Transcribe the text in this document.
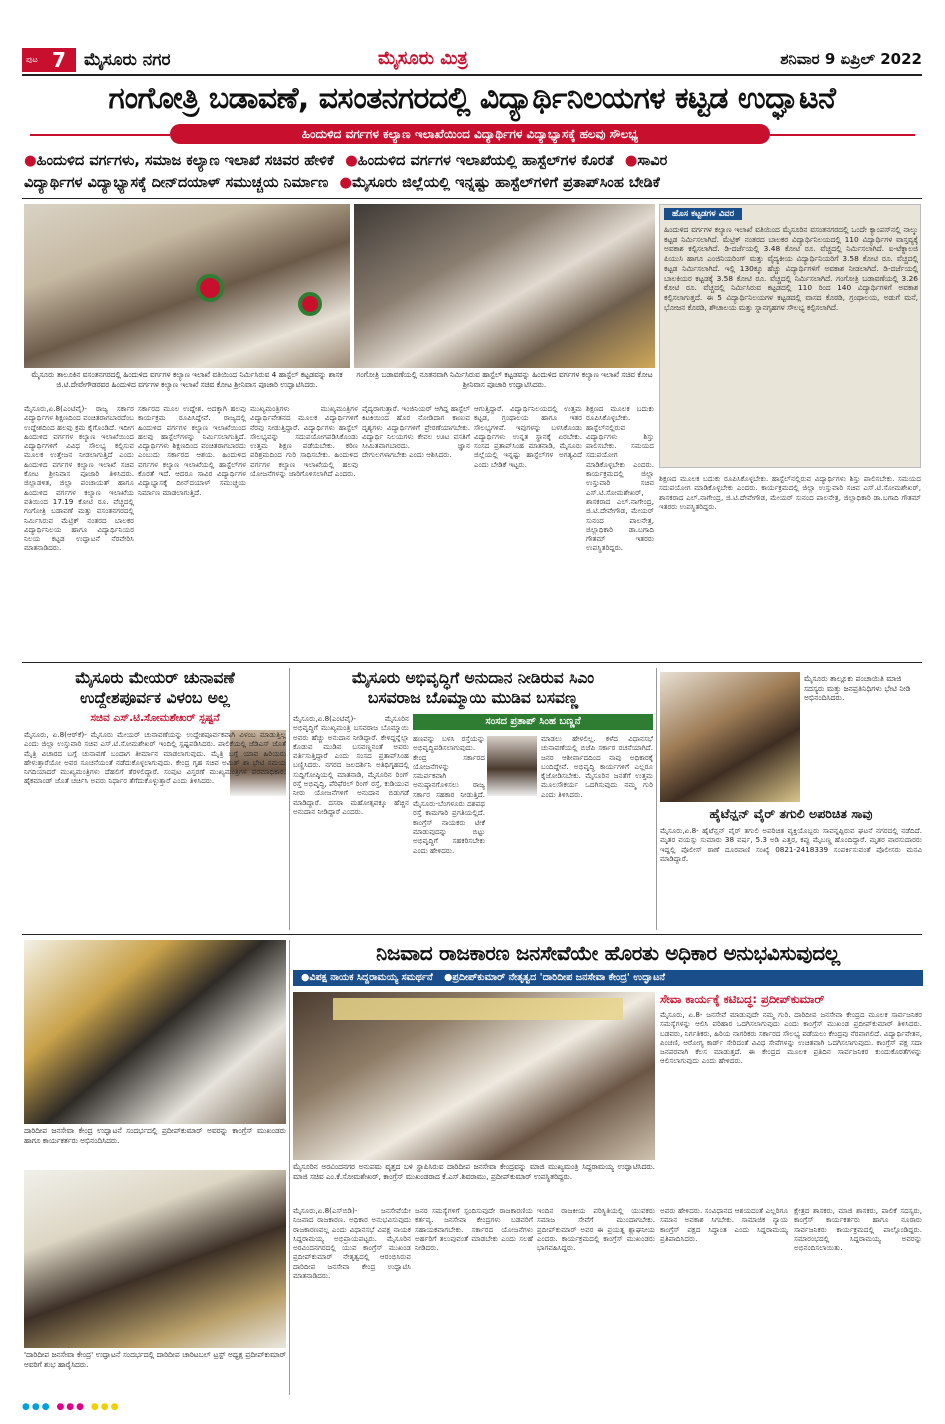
ಪುಟ 7 ಮೈಸೂರು ನಗರ	ಮೈಸೂರು ಮಿತ್ರ	ಶನಿವಾರ 9 ಏಪ್ರಿಲ್ 2022
ಗಂಗೋತ್ರಿ ಬಡಾವಣೆ, ವಸಂತನಗರದಲ್ಲಿ ವಿದ್ಯಾರ್ಥಿನಿಲಯಗಳ ಕಟ್ಟಡ ಉದ್ಘಾಟನೆ
ಹಿಂದುಳಿದ ವರ್ಗಗಳ ಕಲ್ಯಾಣ ಇಲಾಖೆಯಿಂದ ವಿದ್ಯಾರ್ಥಿಗಳ ವಿದ್ಯಾಭ್ಯಾಸಕ್ಕೆ ಹಲವು ಸೌಲಭ್ಯ
●ಹಿಂದುಳಿದ ವರ್ಗಗಳು, ಸಮಾಜ ಕಲ್ಯಾಣ ಇಲಾಖೆ ಸಚಿವರ ಹೇಳಿಕೆ ●ಹಿಂದುಳಿದ ವರ್ಗಗಳ ಇಲಾಖೆಯಲ್ಲಿ ಹಾಸ್ಟೆಲ್‌ಗಳ ಕೊರತೆ ●ಸಾವಿರ
ವಿದ್ಯಾರ್ಥಿಗಳ ವಿದ್ಯಾಭ್ಯಾಸಕ್ಕೆ ದೀನ್‌ದಯಾಳ್ ಸಮುಚ್ಚಯ ನಿರ್ಮಾಣ ●ಮೈಸೂರು ಜಿಲ್ಲೆಯಲ್ಲಿ ಇನ್ನಷ್ಟು ಹಾಸ್ಟೆಲ್‌ಗಳಿಗೆ ಪ್ರತಾಪ್‌ಸಿಂಹ ಬೇಡಿಕೆ
ಮೈಸೂರು ತಾಲೂಕಿನ ವಸಂತನಗರದಲ್ಲಿ ಹಿಂದುಳಿದ ವರ್ಗಗಳ ಕಲ್ಯಾಣ ಇಲಾಖೆ ವತಿಯಿಂದ ನಿರ್ಮಿಸಿರುವ 4 ಹಾಸ್ಟೆಲ್ ಕಟ್ಟಡವನ್ನು ಶಾಸಕ ಜಿ.ಟಿ.ದೇವೇಗೌಡರವರ ಹಿಂದುಳಿದ ವರ್ಗಗಳ ಕಲ್ಯಾಣ ಇಲಾಖೆ ಸಚಿವ ಕೋಟ ಶ್ರೀನಿವಾಸ ಪೂಜಾರಿ ಉದ್ಘಾಟಿಸಿದರು.
ಗಂಗೋತ್ರಿ ಬಡಾವಣೆಯಲ್ಲಿ ನೂತನವಾಗಿ ನಿರ್ಮಿಸಿರುವ ಹಾಸ್ಟೆಲ್ ಕಟ್ಟಡವನ್ನು ಹಿಂದುಳಿದ ವರ್ಗಗಳ ಕಲ್ಯಾಣ ಇಲಾಖೆ ಸಚಿವ ಕೋಟ ಶ್ರೀನಿವಾಸ ಪೂಜಾರಿ ಉದ್ಘಾಟಿಸಿದರು.
ಹೊಸ ಕಟ್ಟಡಗಳ ವಿವರ
ಹಿಂದುಳಿದ ವರ್ಗಗಳ ಕಲ್ಯಾಣ ಇಲಾಖೆ ವತಿಯಿಂದ ಮೈಸೂರಿನ ವಸಂತನಗರದಲ್ಲಿ ಒಂದೇ ಕ್ಯಾಂಪಸ್‌ನಲ್ಲಿ ನಾಲ್ಕು ಕಟ್ಟಡ ನಿರ್ಮಿಸಲಾಗಿದೆ. ಮೆಟ್ರಿಕ್ ನಂತರದ ಬಾಲಕರ ವಿದ್ಯಾರ್ಥಿನಿಲಯದಲ್ಲಿ 110 ವಿದ್ಯಾರ್ಥಿಗಳ ವಾಸ್ತವ್ಯಕ್ಕೆ ಅವಕಾಶ ಕಲ್ಪಿಸಲಾಗಿದೆ. ಡಿ-ದರ್ಜೆಯಲ್ಲಿ 3.48 ಕೋಟಿ ರೂ. ವೆಚ್ಚದಲ್ಲಿ ನಿರ್ಮಿಸಲಾಗಿದೆ. ಐ-ಟೆಕ್ನಾಲಜಿ ಪಿಯುಸಿ ಹಾಗೂ ಎಂಜಿನಿಯರಿಂಗ್ ಮತ್ತು ವೈದ್ಯಕೀಯ ವಿದ್ಯಾರ್ಥಿನಿಯರಿಗೆ 3.58 ಕೋಟಿ ರೂ. ವೆಚ್ಚದಲ್ಲಿ ಕಟ್ಟಡ ನಿರ್ಮಿಸಲಾಗಿದೆ. ಇಲ್ಲಿ 130ಕ್ಕೂ ಹೆಚ್ಚು ವಿದ್ಯಾರ್ಥಿಗಳಿಗೆ ಅವಕಾಶ ನೀಡಲಾಗಿದೆ. ಡಿ-ದರ್ಜೆಯಲ್ಲಿ ಬಾಲಕಿಯರ ಕಟ್ಟಡಕ್ಕೆ 3.58 ಕೋಟಿ ರೂ. ವೆಚ್ಚದಲ್ಲಿ ನಿರ್ಮಿಸಲಾಗಿದೆ. ಗಂಗೋತ್ರಿ ಬಡಾವಣೆಯಲ್ಲಿ 3.26 ಕೋಟಿ ರೂ. ವೆಚ್ಚದಲ್ಲಿ ನಿರ್ಮಿಸಿರುವ ಕಟ್ಟಡದಲ್ಲಿ 110 ರಿಂದ 140 ವಿದ್ಯಾರ್ಥಿಗಳಿಗೆ ಅವಕಾಶ ಕಲ್ಪಿಸಲಾಗುತ್ತದೆ. ಈ 5 ವಿದ್ಯಾರ್ಥಿನಿಲಯಗಳ ಕಟ್ಟಡದಲ್ಲಿ ವಾಸದ ಕೊಠಡಿ, ಗ್ರಂಥಾಲಯ, ಅಡುಗೆ ಮನೆ, ಭೋಜನ ಕೊಠಡಿ, ಶೌಚಾಲಯ ಮತ್ತು ಸ್ನಾನಗೃಹಗಳ ಸೌಲಭ್ಯ ಕಲ್ಪಿಸಲಾಗಿದೆ.
ಮೈಸೂರು,ಏ.8(ಎಂಟಿವೈ)- ರಾಜ್ಯ ಸರ್ಕಾರ ವಿದ್ಯಾರ್ಥಿಗಳ ಶಿಕ್ಷಣದಿಂದ ವಂಚಿತರಾಗಬಾರದೆಂಬ ಉದ್ದೇಶದಿಂದ ಹಲವು ಕ್ರಮ ಕೈಗೊಂಡಿದೆ. ಇದೀಗ ಹಿಂದುಳಿದ ವರ್ಗಗಳ ಕಲ್ಯಾಣ ಇಲಾಖೆಯಿಂದ ವಿದ್ಯಾರ್ಥಿಗಳಿಗೆ ವಿವಿಧ ಸೌಲಭ್ಯ ಕಲ್ಪಿಸುವ ಮೂಲಕ ಉತ್ತೇಜನ ನೀಡಲಾಗುತ್ತಿದೆ ಎಂದು ಹಿಂದುಳಿದ ವರ್ಗಗಳ ಕಲ್ಯಾಣ ಇಲಾಖೆ ಸಚಿವ ಕೋಟ ಶ್ರೀನಿವಾಸ ಪೂಜಾರಿ ತಿಳಿಸಿದರು. ಜಿಲ್ಲಾಡಳಿತ, ಜಿಲ್ಲಾ ಪಂಚಾಯತ್ ಹಾಗೂ ಹಿಂದುಳಿದ ವರ್ಗಗಳ ಕಲ್ಯಾಣ ಇಲಾಖೆಯ ವತಿಯಿಂದ 17.19 ಕೋಟಿ ರೂ. ವೆಚ್ಚದಲ್ಲಿ ಗಂಗೋತ್ರಿ ಬಡಾವಣೆ ಮತ್ತು ವಸಂತನಗರದಲ್ಲಿ ನಿರ್ಮಿಸಿರುವ ಮೆಟ್ರಿಕ್ ನಂತರದ ಬಾಲಕರ ವಿದ್ಯಾರ್ಥಿನಿಲಯ ಹಾಗೂ ವಿದ್ಯಾರ್ಥಿನಿಯರ ನಿಲಯ ಕಟ್ಟಡ ಉದ್ಘಾಟನೆ ನೆರವೇರಿಸಿ ಮಾತನಾಡಿದರು.
ಸರ್ಕಾರದ ಮೂಲ ಉದ್ದೇಶ. ಅದಕ್ಕಾಗಿ ಹಲವು ಕಾರ್ಯಕ್ರಮ ರೂಪಿಸಿದ್ದೇವೆ. ರಾಜ್ಯದಲ್ಲಿ ಹಿಂದುಳಿದ ವರ್ಗಗಳ ಕಲ್ಯಾಣ ಇಲಾಖೆಯಿಂದ ಹಲವು ಹಾಸ್ಟೆಲ್‌ಗಳನ್ನು ನಿರ್ಮಿಸಲಾಗುತ್ತಿದೆ. ವಿದ್ಯಾರ್ಥಿಗಳು ಶಿಕ್ಷಣದಿಂದ ವಂಚಿತರಾಗಬಾರದು ಎಂಬುದು ಸರ್ಕಾರದ ಆಶಯ. ಹಿಂದುಳಿದ ವರ್ಗಗಳ ಕಲ್ಯಾಣ ಇಲಾಖೆಯಲ್ಲಿ ಹಾಸ್ಟೆಲ್‌ಗಳ ಕೊರತೆ ಇದೆ. ಆದರೂ ಸಾವಿರ ವಿದ್ಯಾರ್ಥಿಗಳ ವಿದ್ಯಾಭ್ಯಾಸಕ್ಕೆ ದೀನ್‌ದಯಾಳ್ ಸಮುಚ್ಚಯ ನಿರ್ಮಾಣ ಮಾಡಲಾಗುತ್ತಿದೆ.
ಮುಖ್ಯಮಂತ್ರಿಗಳು ಮುಖ್ಯಮಂತ್ರಿಗಳ ವಿದ್ಯಾರ್ಥಿವೇತನದ ಮೂಲಕ ವಿದ್ಯಾರ್ಥಿಗಳಿಗೆ ನೆರವು ನೀಡುತ್ತಿದ್ದಾರೆ. ವಿದ್ಯಾರ್ಥಿಗಳು ಹಾಸ್ಟೆಲ್ ಸೌಲಭ್ಯವನ್ನು ಸದುಪಯೋಗಪಡಿಸಿಕೊಂಡು ಉತ್ತಮ ಶಿಕ್ಷಣ ಪಡೆಯಬೇಕು. ಕಠಿಣ ಪರಿಶ್ರಮದಿಂದ ಗುರಿ ಸಾಧಿಸಬೇಕು. ಹಿಂದುಳಿದ ವರ್ಗಗಳ ಕಲ್ಯಾಣ ಇಲಾಖೆಯಲ್ಲಿ ಹಲವು ಯೋಜನೆಗಳನ್ನು ಜಾರಿಗೊಳಿಸಲಾಗಿದೆ ಎಂದರು.
ವೈದ್ಯರಾಗುತ್ತಾರೆ. ಇಂಜಿನಿಯರ್ ಆಗಿದ್ದ ಹಾಸ್ಟೆಲ್ ಕಿಟಕಿಯಿಂದ ಹೊರ ನೋಡಿದಾಗ ಕಾಣುವ ದೃಶ್ಯಗಳು ವಿದ್ಯಾರ್ಥಿಗಳಿಗೆ ಪ್ರೇರಣೆಯಾಗಬೇಕು. ವಿದ್ಯಾರ್ಥಿ ನಿಲಯಗಳು ಕೇವಲ ಊಟ ವಸತಿಗೆ ಸೀಮಿತವಾಗಬಾರದು. ಜ್ಞಾನ ದೇಗುಲಗಳಾಗಬೇಕು ಎಂದು ಆಶಿಸಿದರು.
ಆಗುತ್ತಿದ್ದಾರೆ. ವಿದ್ಯಾರ್ಥಿನಿಲಯದಲ್ಲಿ ಉತ್ತಮ ಕಟ್ಟಡ, ಗ್ರಂಥಾಲಯ ಹಾಗೂ ಇತರ ಸೌಲಭ್ಯಗಳಿವೆ. ಇವುಗಳನ್ನು ಬಳಸಿಕೊಂಡು ವಿದ್ಯಾರ್ಥಿಗಳು ಉನ್ನತ ಸ್ಥಾನಕ್ಕೆ ಏರಬೇಕು. ಸಂಸದ ಪ್ರತಾಪ್‌ಸಿಂಹ ಮಾತನಾಡಿ, ಮೈಸೂರು ಜಿಲ್ಲೆಯಲ್ಲಿ ಇನ್ನಷ್ಟು ಹಾಸ್ಟೆಲ್‌ಗಳ ಅಗತ್ಯವಿದೆ ಎಂದು ಬೇಡಿಕೆ ಇಟ್ಟರು.
ಶಿಕ್ಷಣದ ಮೂಲಕ ಬದುಕು ರೂಪಿಸಿಕೊಳ್ಳಬೇಕು. ಹಾಸ್ಟೆಲ್‌ನಲ್ಲಿರುವ ವಿದ್ಯಾರ್ಥಿಗಳು ಶಿಸ್ತು ಪಾಲಿಸಬೇಕು. ಸಮಯದ ಸದುಪಯೋಗ ಮಾಡಿಕೊಳ್ಳಬೇಕು ಎಂದರು. ಕಾರ್ಯಕ್ರಮದಲ್ಲಿ ಜಿಲ್ಲಾ ಉಸ್ತುವಾರಿ ಸಚಿವ ಎಸ್.ಟಿ.ಸೋಮಶೇಖರ್, ಶಾಸಕರಾದ ಎಲ್.ನಾಗೇಂದ್ರ, ಜಿ.ಟಿ.ದೇವೇಗೌಡ, ಮೇಯರ್ ಸುನಂದ ಪಾಲನೇತ್ರ, ಜಿಲ್ಲಾಧಿಕಾರಿ ಡಾ.ಬಗಾದಿ ಗೌತಮ್ ಇತರರು ಉಪಸ್ಥಿತರಿದ್ದರು.
ಶಿಕ್ಷಣದ ಮೂಲಕ ಬದುಕು ರೂಪಿಸಿಕೊಳ್ಳಬೇಕು. ಹಾಸ್ಟೆಲ್‌ನಲ್ಲಿರುವ ವಿದ್ಯಾರ್ಥಿಗಳು ಶಿಸ್ತು ಪಾಲಿಸಬೇಕು. ಸಮಯದ ಸದುಪಯೋಗ ಮಾಡಿಕೊಳ್ಳಬೇಕು ಎಂದರು. ಕಾರ್ಯಕ್ರಮದಲ್ಲಿ ಜಿಲ್ಲಾ ಉಸ್ತುವಾರಿ ಸಚಿವ ಎಸ್.ಟಿ.ಸೋಮಶೇಖರ್, ಶಾಸಕರಾದ ಎಲ್.ನಾಗೇಂದ್ರ, ಜಿ.ಟಿ.ದೇವೇಗೌಡ, ಮೇಯರ್ ಸುನಂದ ಪಾಲನೇತ್ರ, ಜಿಲ್ಲಾಧಿಕಾರಿ ಡಾ.ಬಗಾದಿ ಗೌತಮ್ ಇತರರು ಉಪಸ್ಥಿತರಿದ್ದರು.
ಮೈಸೂರು ಮೇಯರ್ ಚುನಾವಣೆ
ಉದ್ದೇಶಪೂರ್ವಕ ವಿಳಂಬ ಅಲ್ಲ
ಸಚಿವ ಎಸ್.ಟಿ.ಸೋಮಶೇಖರ್ ಸ್ಪಷ್ಟನೆ
ಮೈಸೂರು, ಏ.8(ಆರ್‌ಕೆ)- ಮೈಸೂರು ಮೇಯರ್ ಚುನಾವಣೆಯನ್ನು ಉದ್ದೇಶಪೂರ್ವಕವಾಗಿ ವಿಳಂಬ ಮಾಡುತ್ತಿಲ್ಲ ಎಂದು ಜಿಲ್ಲಾ ಉಸ್ತುವಾರಿ ಸಚಿವ ಎಸ್.ಟಿ.ಸೋಮಶೇಖರ್ ಇಂದಿಲ್ಲಿ ಸ್ಪಷ್ಟಪಡಿಸಿದರು. ಪಾಲಿಕೆಯಲ್ಲಿ ಜೆಡಿಎಸ್ ಜೊತೆ ಮೈತ್ರಿ ವಿಚಾರದ ಬಗ್ಗೆ ಚುನಾವಣೆ ಬಂದಾಗ ತೀರ್ಮಾನ ಮಾಡಲಾಗುವುದು. ಮೈತ್ರಿ ಬಗ್ಗೆ ಯಾವ ಹಿರಿಯರು ಹೇಳುತ್ತಾರೆಯೋ ಅವರ ಸೂಚನೆಯಂತೆ ನಡೆದುಕೊಳ್ಳಲಾಗುವುದು. ಕೇಂದ್ರ ಗೃಹ ಸಚಿವ ಅಮಿತ್ ಶಾ ಭೇಟಿ ಸಮಯ ನಿಗದಿಯಾದರೆ ಮುಖ್ಯಮಂತ್ರಿಗಳು ದೆಹಲಿಗೆ ತೆರಳಲಿದ್ದಾರೆ. ಸಂಪುಟ ವಿಸ್ತರಣೆ ಮುಖ್ಯಮಂತ್ರಿಗಳ ಪರಮಾಧಿಕಾರ. ಹೈಕಮಾಂಡ್ ಜೊತೆ ಚರ್ಚಿಸಿ ಅವರು ನಿರ್ಧಾರ ತೆಗೆದುಕೊಳ್ಳುತ್ತಾರೆ ಎಂದು ತಿಳಿಸಿದರು.
ಮೈಸೂರು ಅಭಿವೃದ್ಧಿಗೆ ಅನುದಾನ ನೀಡಿರುವ ಸಿಎಂ
ಬಸವರಾಜ ಬೊಮ್ಮಾಯಿ ಮುಡಿವ ಬಸವಣ್ಣ
ಮೈಸೂರು,ಏ.8(ಎಂಟಿವೈ)- ಮೈಸೂರಿನ ಅಭಿವೃದ್ಧಿಗೆ ಮುಖ್ಯಮಂತ್ರಿ ಬಸವರಾಜ ಬೊಮ್ಮಾಯಿ ಅವರು ಹೆಚ್ಚು ಅನುದಾನ ನೀಡಿದ್ದಾರೆ. ಕೇಳಿದ್ದನ್ನೆಲ್ಲಾ ಕೊಡುವ ಮುಡಿವ ಬಸವಣ್ಣನಂತೆ ಅವರು ವರ್ತಿಸುತ್ತಿದ್ದಾರೆ ಎಂದು ಸಂಸದ ಪ್ರತಾಪ್‌ಸಿಂಹ ಬಣ್ಣಿಸಿದರು. ನಗರದ ಜಲದರ್ಶಿನಿ ಅತಿಥಿಗೃಹದಲ್ಲಿ ಸುದ್ದಿಗೋಷ್ಠಿಯಲ್ಲಿ ಮಾತನಾಡಿ, ಮೈಸೂರಿನ ರಿಂಗ್ ರಸ್ತೆ ಅಭಿವೃದ್ಧಿ, ಪೆರಿಫೆರಲ್ ರಿಂಗ್ ರಸ್ತೆ, ಕುಡಿಯುವ ನೀರು ಯೋಜನೆಗಳಿಗೆ ಅನುದಾನ ಬಿಡುಗಡೆ ಮಾಡಿದ್ದಾರೆ. ದಸರಾ ಮಹೋತ್ಸವಕ್ಕೂ ಹೆಚ್ಚಿನ ಅನುದಾನ ನೀಡಿದ್ದಾರೆ ಎಂದರು.
ಸಂಸದ ಪ್ರತಾಪ್ ಸಿಂಹ ಬಣ್ಣನೆ
ಹಣವನ್ನು ಬಳಸಿ ರಸ್ತೆಯನ್ನು ಅಭಿವೃದ್ಧಿಪಡಿಸಲಾಗುವುದು. ಕೇಂದ್ರ ಸರ್ಕಾರದ ಯೋಜನೆಗಳನ್ನು ಸಮರ್ಪಕವಾಗಿ ಅನುಷ್ಠಾನಗೊಳಿಸಲು ರಾಜ್ಯ ಸರ್ಕಾರ ಸಹಕಾರ ನೀಡುತ್ತಿದೆ. ಮೈಸೂರು-ಬೆಂಗಳೂರು ದಶಪಥ ರಸ್ತೆ ಕಾಮಗಾರಿ ಪ್ರಗತಿಯಲ್ಲಿದೆ. ಕಾಂಗ್ರೆಸ್ ನಾಯಕರು ಟೀಕೆ ಮಾಡುವುದನ್ನು ಬಿಟ್ಟು ಅಭಿವೃದ್ಧಿಗೆ ಸಹಕರಿಸಬೇಕು ಎಂದು ಹೇಳಿದರು.
ಮಾಡಲು ಹೇಳಲಿಲ್ಲ. ಕಳೆದ ವಿಧಾನಸಭೆ ಚುನಾವಣೆಯಲ್ಲಿ ಬಿಜೆಪಿ ಸರ್ಕಾರ ರಚನೆಯಾಗಿದೆ. ಜನರ ಆಶೀರ್ವಾದದಿಂದ ನಾವು ಅಧಿಕಾರಕ್ಕೆ ಬಂದಿದ್ದೇವೆ. ಅಭಿವೃದ್ಧಿ ಕಾರ್ಯಗಳಿಗೆ ಎಲ್ಲರೂ ಕೈಜೋಡಿಸಬೇಕು. ಮೈಸೂರಿನ ಜನತೆಗೆ ಉತ್ತಮ ಮೂಲಸೌಕರ್ಯ ಒದಗಿಸುವುದು ನಮ್ಮ ಗುರಿ ಎಂದು ತಿಳಿಸಿದರು.
ಮೈಸೂರು ತಾಲ್ಲೂಕು ಪಂಚಾಯಿತಿ ಮಾಜಿ ಸದಸ್ಯರು ಮತ್ತು ಜನಪ್ರತಿನಿಧಿಗಳು ಭೇಟಿ ನೀಡಿ ಅಭಿನಂದಿಸಿದರು.
ಹೈಟೆನ್ಷನ್ ವೈರ್ ತಗುಲಿ ಅಪರಿಚಿತ ಸಾವು
ಮೈಸೂರು,ಏ.8- ಹೈಟೆನ್ಷನ್ ವೈರ್ ತಗುಲಿ ಅಪರಿಚಿತ ವ್ಯಕ್ತಿಯೊಬ್ಬರು ಸಾವನ್ನಪ್ಪಿರುವ ಘಟನೆ ನಗರದಲ್ಲಿ ನಡೆದಿದೆ. ಮೃತರ ವಯಸ್ಸು ಸುಮಾರು 38 ವರ್ಷ, 5.3 ಅಡಿ ಎತ್ತರ, ಕಪ್ಪು ಮೈಬಣ್ಣ ಹೊಂದಿದ್ದಾರೆ. ಮೃತರ ವಾರಸುದಾರರು ಇದ್ದಲ್ಲಿ ಪೊಲೀಸ್ ಠಾಣೆ ದೂರವಾಣಿ ಸಂಖ್ಯೆ 0821-2418339 ಸಂಪರ್ಕಿಸುವಂತೆ ಪೊಲೀಸರು ಮನವಿ ಮಾಡಿದ್ದಾರೆ.
ದಾರಿದೀಪ ಜನಸೇವಾ ಕೇಂದ್ರ ಉದ್ಘಾಟನೆ ಸಂದರ್ಭದಲ್ಲಿ ಪ್ರದೀಪ್‌ಕುಮಾರ್ ಅವರನ್ನು ಕಾಂಗ್ರೆಸ್ ಮುಖಂಡರು ಹಾಗೂ ಕಾರ್ಯಕರ್ತರು ಅಭಿನಂದಿಸಿದರು.
'ದಾರಿದೀಪ ಜನಸೇವಾ ಕೇಂದ್ರ' ಉದ್ಘಾಟನೆ ಸಂದರ್ಭದಲ್ಲಿ ದಾರಿದೀಪ ಚಾರಿಟಬಲ್ ಟ್ರಸ್ಟ್ ಅಧ್ಯಕ್ಷ ಪ್ರದೀಪ್‌ಕುಮಾರ್ ಅವರಿಗೆ ಶುಭ ಹಾರೈಸಿದರು.
ನಿಜವಾದ ರಾಜಕಾರಣ ಜನಸೇವೆಯೇ ಹೊರತು ಅಧಿಕಾರ ಅನುಭವಿಸುವುದಲ್ಲ
●ವಿಪಕ್ಷ ನಾಯಕ ಸಿದ್ದರಾಮಯ್ಯ ಸಮರ್ಥನೆ ●ಪ್ರದೀಪ್‌ಕುಮಾರ್ ನೇತೃತ್ವದ 'ದಾರಿದೀಪ ಜನಸೇವಾ ಕೇಂದ್ರ' ಉದ್ಘಾಟನೆ
ಮೈಸೂರಿನ ಅರವಿಂದನಗರ ಅನುಪಮ ವೃತ್ತದ ಬಳಿ ಸ್ಥಾಪಿಸಿರುವ ದಾರಿದೀಪ ಜನಸೇವಾ ಕೇಂದ್ರವನ್ನು ಮಾಜಿ ಮುಖ್ಯಮಂತ್ರಿ ಸಿದ್ದರಾಮಯ್ಯ ಉದ್ಘಾಟಿಸಿದರು. ಮಾಜಿ ಸಚಿವ ಎಂ.ಕೆ.ಸೋಮಶೇಖರ್, ಕಾಂಗ್ರೆಸ್ ಮುಖಂಡರಾದ ಕೆ.ಎಸ್.ಶಿವರಾಮು, ಪ್ರದೀಪ್‌ಕುಮಾರ್ ಉಪಸ್ಥಿತರಿದ್ದರು.
ಸೇವಾ ಕಾರ್ಯಕ್ಕೆ ಕಟಿಬದ್ಧ: ಪ್ರದೀಪ್‌ಕುಮಾರ್
ಮೈಸೂರು, ಏ.8- ಜನಸೇವೆ ಮಾಡುವುದೇ ನಮ್ಮ ಗುರಿ. ದಾರಿದೀಪ ಜನಸೇವಾ ಕೇಂದ್ರದ ಮೂಲಕ ಸಾರ್ವಜನಿಕರ ಸಮಸ್ಯೆಗಳನ್ನು ಆಲಿಸಿ ಪರಿಹಾರ ಒದಗಿಸಲಾಗುವುದು ಎಂದು ಕಾಂಗ್ರೆಸ್ ಮುಖಂಡ ಪ್ರದೀಪ್‌ಕುಮಾರ್ ತಿಳಿಸಿದರು. ಬಡವರು, ನಿರ್ಗತಿಕರು, ಹಿರಿಯ ನಾಗರಿಕರು ಸರ್ಕಾರದ ಸೌಲಭ್ಯ ಪಡೆಯಲು ಕೇಂದ್ರವು ನೆರವಾಗಲಿದೆ. ವಿದ್ಯಾರ್ಥಿವೇತನ, ಪಿಂಚಣಿ, ಆರೋಗ್ಯ ಕಾರ್ಡ್ ಸೇರಿದಂತೆ ವಿವಿಧ ಸೇವೆಗಳನ್ನು ಉಚಿತವಾಗಿ ಒದಗಿಸಲಾಗುವುದು. ಕಾಂಗ್ರೆಸ್ ಪಕ್ಷ ಸದಾ ಜನಪರವಾಗಿ ಕೆಲಸ ಮಾಡುತ್ತದೆ. ಈ ಕೇಂದ್ರದ ಮೂಲಕ ಪ್ರತಿದಿನ ಸಾರ್ವಜನಿಕರ ಕುಂದುಕೊರತೆಗಳನ್ನು ಆಲಿಸಲಾಗುವುದು ಎಂದು ಹೇಳಿದರು.
ಮೈಸೂರು,ಏ.8(ಎಸ್‌ಬಿಡಿ)- ಜನಸೇವೆಯೇ ನಿಜವಾದ ರಾಜಕಾರಣ. ಅಧಿಕಾರ ಅನುಭವಿಸುವುದು ರಾಜಕಾರಣವಲ್ಲ ಎಂದು ವಿಧಾನಸಭೆ ವಿಪಕ್ಷ ನಾಯಕ ಸಿದ್ದರಾಮಯ್ಯ ಅಭಿಪ್ರಾಯಪಟ್ಟರು. ಮೈಸೂರಿನ ಅರವಿಂದನಗರದಲ್ಲಿ ಯುವ ಕಾಂಗ್ರೆಸ್ ಮುಖಂಡ ಪ್ರದೀಪ್‌ಕುಮಾರ್ ನೇತೃತ್ವದಲ್ಲಿ ಆರಂಭಿಸಿರುವ ದಾರಿದೀಪ ಜನಸೇವಾ ಕೇಂದ್ರ ಉದ್ಘಾಟಿಸಿ ಮಾತನಾಡಿದರು.
ಜನರ ಸಮಸ್ಯೆಗಳಿಗೆ ಸ್ಪಂದಿಸುವುದೇ ರಾಜಕಾರಣಿಯ ಕರ್ತವ್ಯ. ಜನಸೇವಾ ಕೇಂದ್ರಗಳು ಬಡವರಿಗೆ ಸಹಾಯಕವಾಗಬೇಕು. ಸರ್ಕಾರದ ಯೋಜನೆಗಳು ಅರ್ಹರಿಗೆ ತಲುಪುವಂತೆ ಮಾಡಬೇಕು ಎಂದು ಸಲಹೆ ನೀಡಿದರು.
ಇಂದಿನ ರಾಜಕೀಯ ಪರಿಸ್ಥಿತಿಯಲ್ಲಿ ಯುವಕರು ಸಮಾಜ ಸೇವೆಗೆ ಮುಂದಾಗಬೇಕು. ಪ್ರದೀಪ್‌ಕುಮಾರ್ ಅವರ ಈ ಪ್ರಯತ್ನ ಶ್ಲಾಘನೀಯ ಎಂದರು. ಕಾರ್ಯಕ್ರಮದಲ್ಲಿ ಕಾಂಗ್ರೆಸ್ ಮುಖಂಡರು ಭಾಗವಹಿಸಿದ್ದರು.
ಅವರು ಹೇಳಿದರು. ಸಂವಿಧಾನದ ಆಶಯದಂತೆ ಎಲ್ಲರಿಗೂ ಸಮಾನ ಅವಕಾಶ ಸಿಗಬೇಕು. ಸಾಮಾಜಿಕ ನ್ಯಾಯ ಕಾಂಗ್ರೆಸ್ ಪಕ್ಷದ ಸಿದ್ಧಾಂತ ಎಂದು ಸಿದ್ದರಾಮಯ್ಯ ಪ್ರತಿಪಾದಿಸಿದರು.
ಕ್ಷೇತ್ರದ ಶಾಸಕರು, ಮಾಜಿ ಶಾಸಕರು, ಪಾಲಿಕೆ ಸದಸ್ಯರು, ಕಾಂಗ್ರೆಸ್ ಕಾರ್ಯಕರ್ತರು ಹಾಗೂ ನೂರಾರು ಸಾರ್ವಜನಿಕರು ಕಾರ್ಯಕ್ರಮದಲ್ಲಿ ಪಾಲ್ಗೊಂಡಿದ್ದರು. ಸಮಾರಂಭದಲ್ಲಿ ಸಿದ್ದರಾಮಯ್ಯ ಅವರನ್ನು ಅಭಿನಂದಿಸಲಾಯಿತು.
●●● ●●● ●●●
